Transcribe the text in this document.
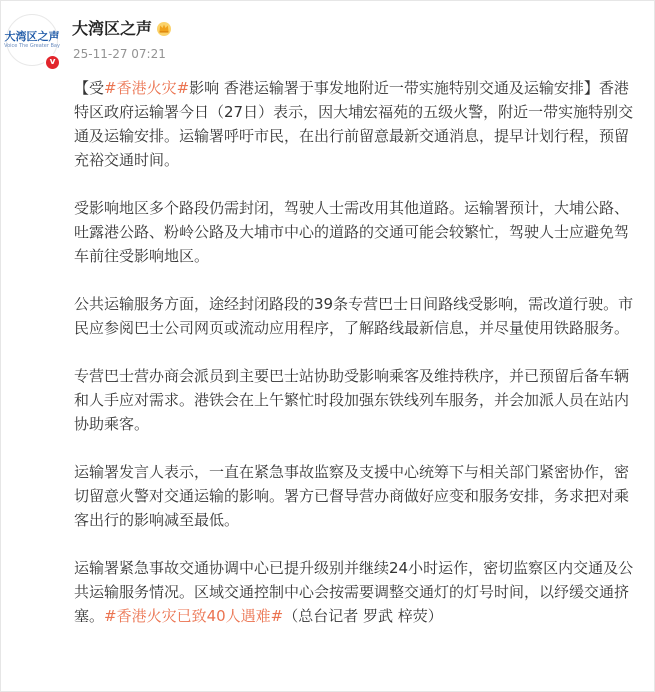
大湾区之声
Voice The Greater Bay
v
大湾区之声
25-11-27 07:21

【受#香港火灾#影响 香港运输署于事发地附近一带实施特别交通及运输安排】香港特区政府运输署今日（27日）表示，因大埔宏福苑的五级火警，附近一带实施特别交通及运输安排。运输署呼吁市民，在出行前留意最新交通消息，提早计划行程，预留充裕交通时间。

受影响地区多个路段仍需封闭，驾驶人士需改用其他道路。运输署预计，大埔公路、吐露港公路、粉岭公路及大埔市中心的道路的交通可能会较繁忙，驾驶人士应避免驾车前往受影响地区。

公共运输服务方面，途经封闭路段的39条专营巴士日间路线受影响，需改道行驶。市民应参阅巴士公司网页或流动应用程序，了解路线最新信息，并尽量使用铁路服务。

专营巴士营办商会派员到主要巴士站协助受影响乘客及维持秩序，并已预留后备车辆和人手应对需求。港铁会在上午繁忙时段加强东铁线列车服务，并会加派人员在站内协助乘客。

运输署发言人表示，一直在紧急事故监察及支援中心统筹下与相关部门紧密协作，密切留意火警对交通运输的影响。署方已督导营办商做好应变和服务安排，务求把对乘客出行的影响减至最低。

运输署紧急事故交通协调中心已提升级别并继续24小时运作，密切监察区内交通及公共运输服务情况。区域交通控制中心会按需要调整交通灯的灯号时间，以纾缓交通挤塞。#香港火灾已致40人遇难#（总台记者 罗武 梓荧）
